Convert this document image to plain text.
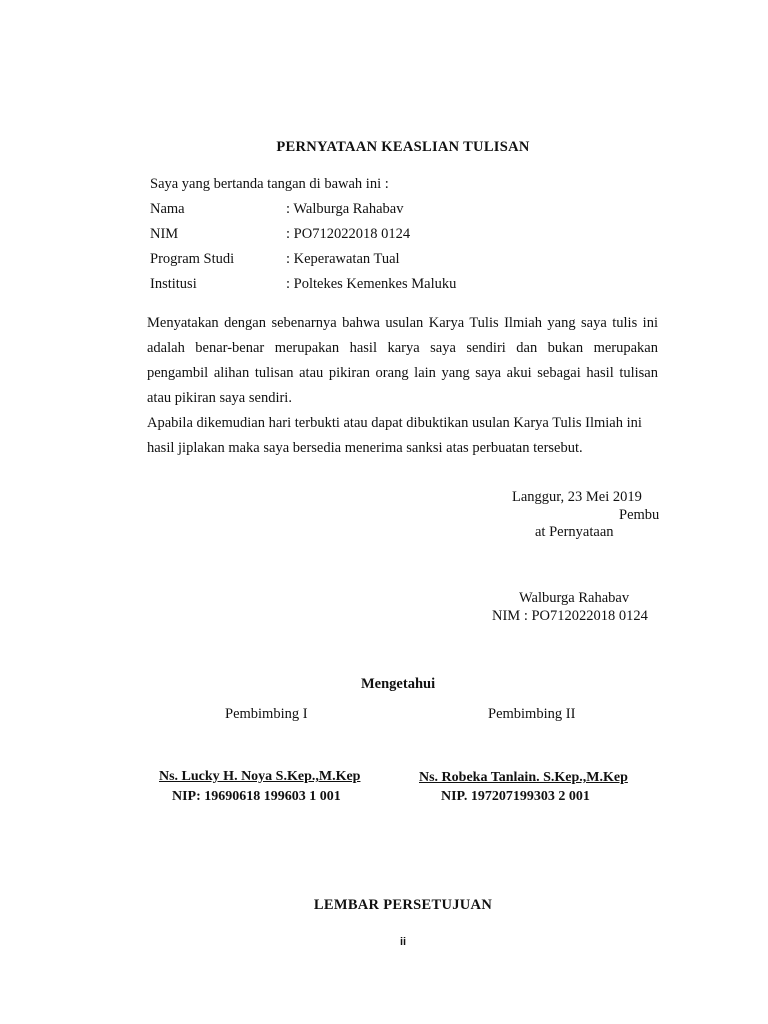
PERNYATAAN KEASLIAN TULISAN
Saya yang bertanda tangan di bawah ini :
Nama	: Walburga Rahabav
NIM	: PO712022018 0124
Program Studi	: Keperawatan Tual
Institusi	: Poltekes Kemenkes Maluku

Menyatakan dengan sebenarnya bahwa usulan Karya Tulis Ilmiah yang saya tulis ini adalah benar-benar merupakan hasil karya saya sendiri dan bukan merupakan pengambil alihan tulisan atau pikiran orang lain yang saya akui sebagai hasil tulisan atau pikiran saya sendiri.

Apabila dikemudian hari terbukti atau dapat dibuktikan usulan Karya Tulis Ilmiah ini hasil jiplakan maka saya bersedia menerima sanksi atas perbuatan tersebut.

Langgur, 23 Mei 2019
Pembu
at Pernyataan
Walburga Rahabav
NIM : PO712022018 0124
Mengetahui
Pembimbing I	Pembimbing II
Ns. Lucky H. Noya S.Kep.,M.Kep
NIP: 19690618 199603 1 001
Ns. Robeka Tanlain. S.Kep.,M.Kep
NIP. 197207199303 2 001
LEMBAR PERSETUJUAN
ii
